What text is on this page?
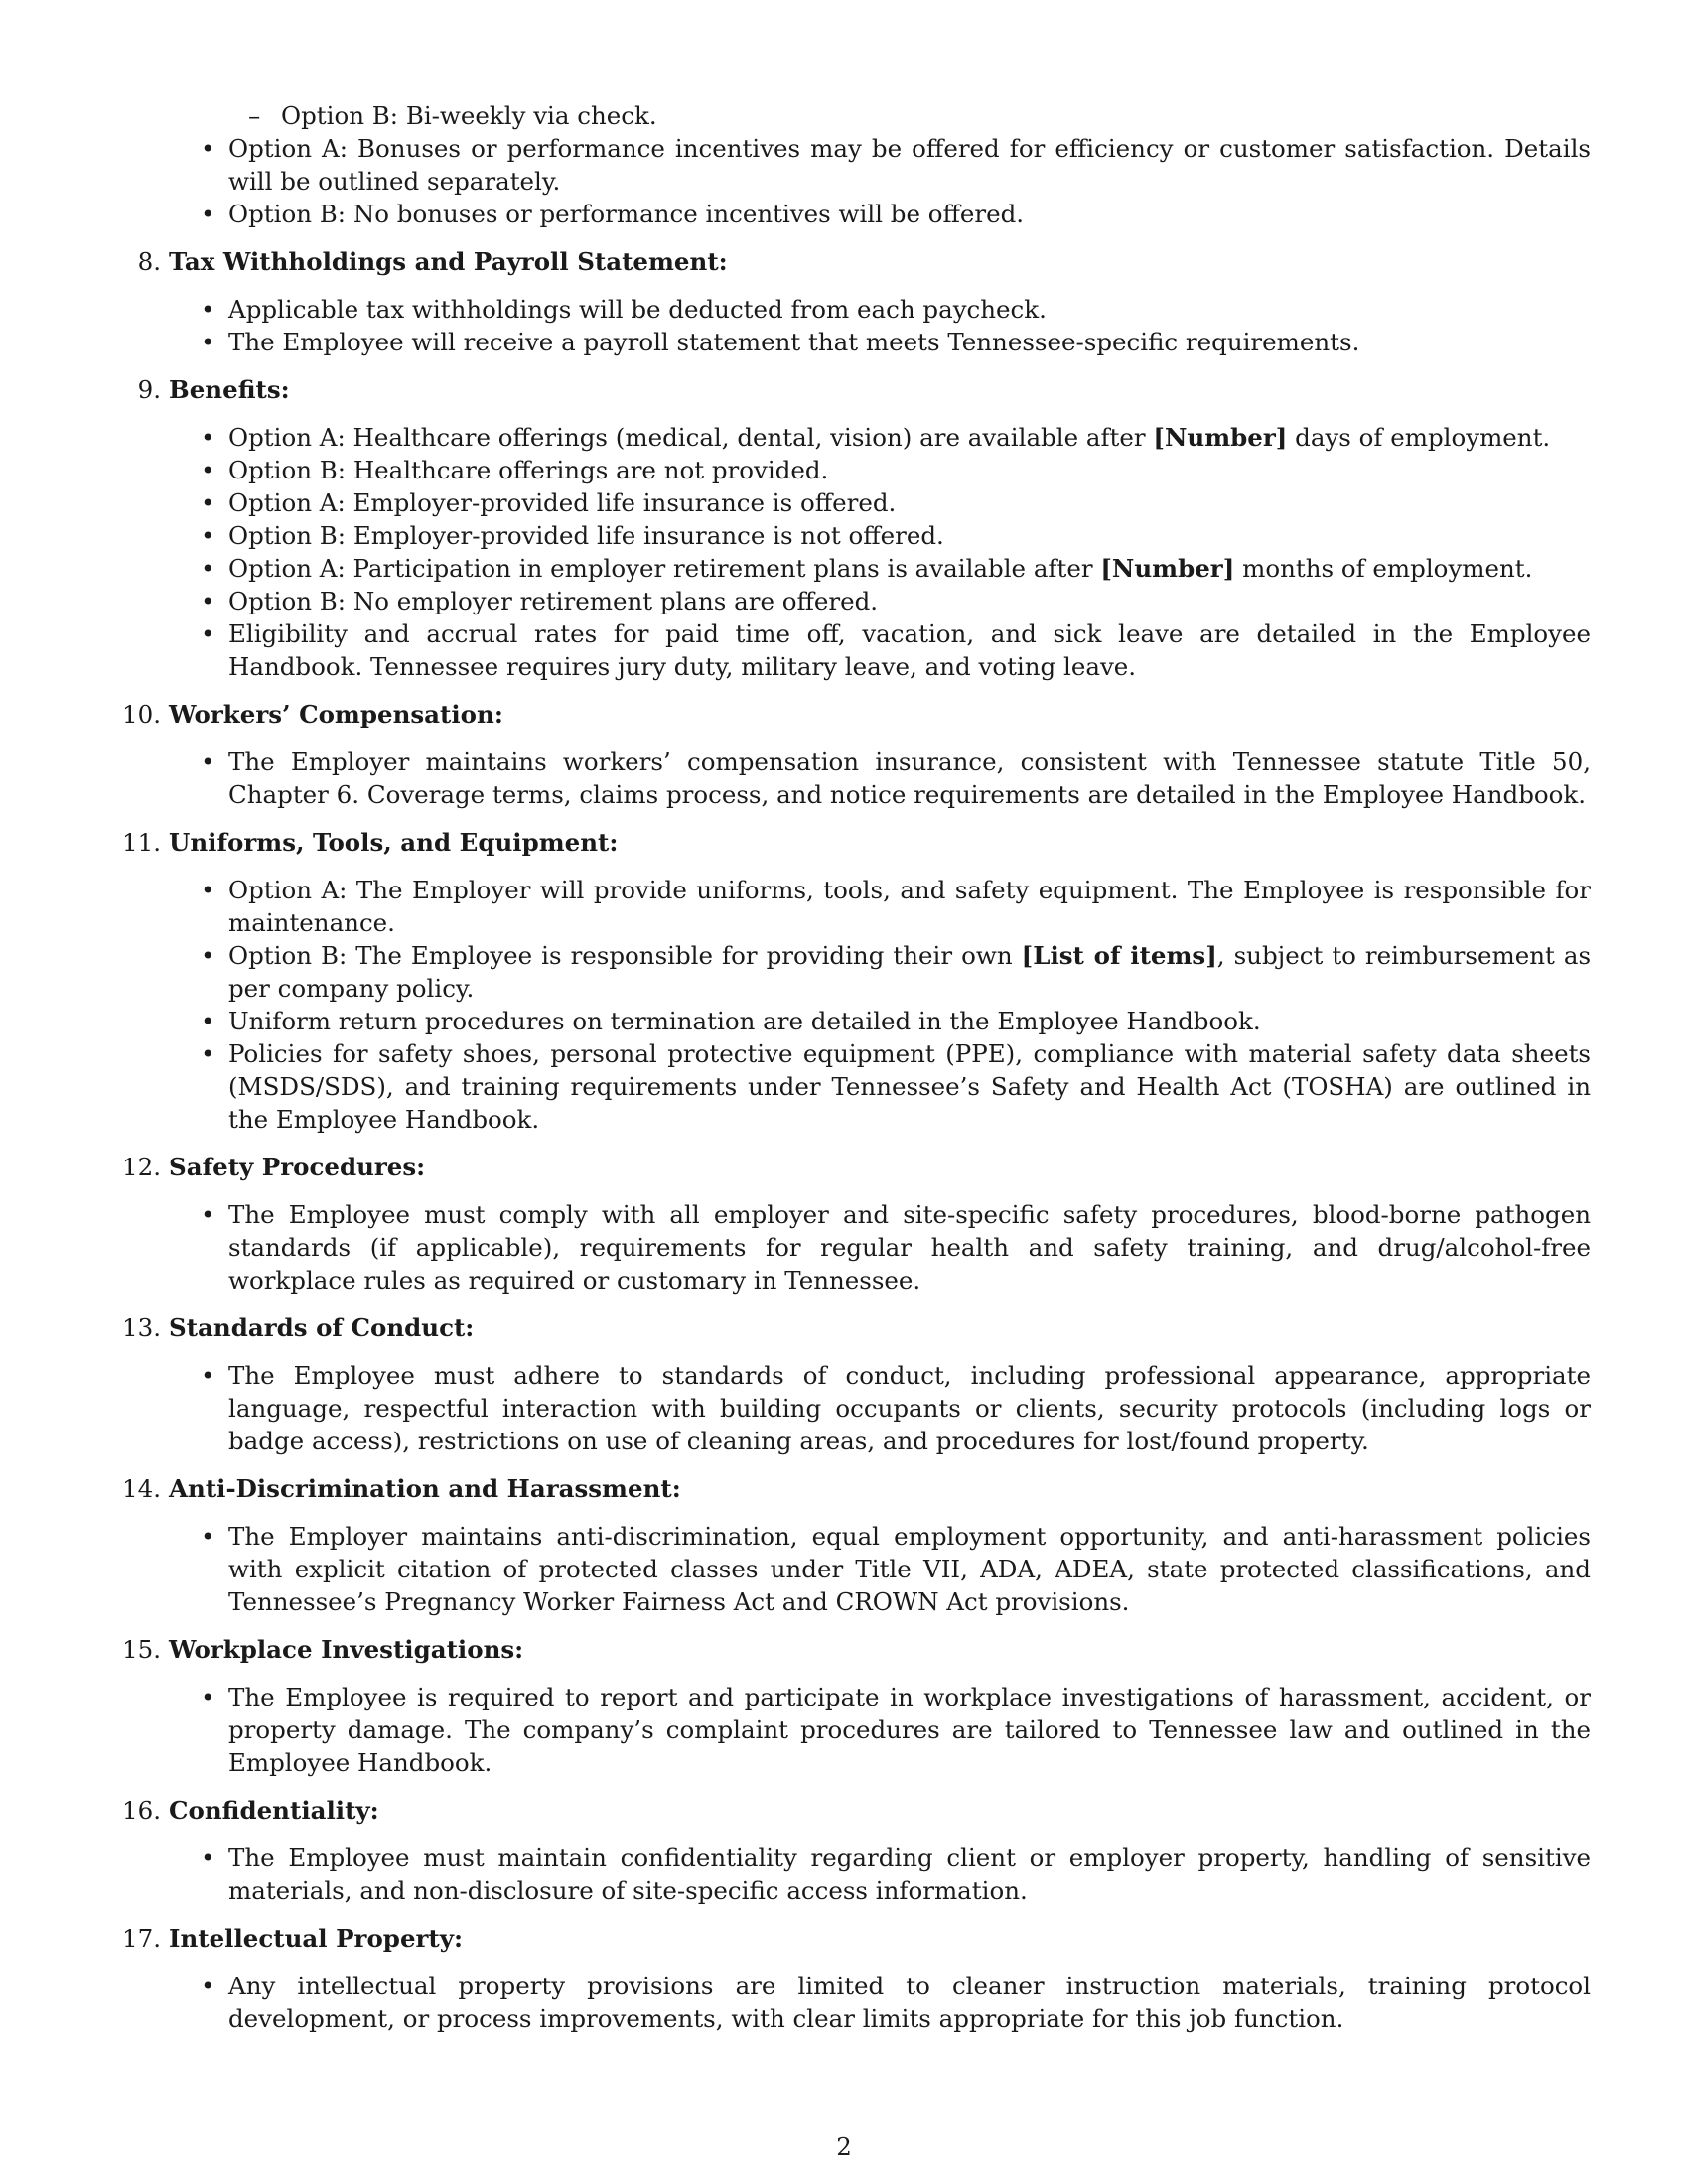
– Option B: Bi-weekly via check.
• Option A: Bonuses or performance incentives may be offered for efficiency or customer satisfaction. Details will be outlined separately.
• Option B: No bonuses or performance incentives will be offered.
8. Tax Withholdings and Payroll Statement:
• Applicable tax withholdings will be deducted from each paycheck.
• The Employee will receive a payroll statement that meets Tennessee-specific requirements.
9. Benefits:
• Option A: Healthcare offerings (medical, dental, vision) are available after [Number] days of employment.
• Option B: Healthcare offerings are not provided.
• Option A: Employer-provided life insurance is offered.
• Option B: Employer-provided life insurance is not offered.
• Option A: Participation in employer retirement plans is available after [Number] months of employment.
• Option B: No employer retirement plans are offered.
• Eligibility and accrual rates for paid time off, vacation, and sick leave are detailed in the Employee Handbook. Tennessee requires jury duty, military leave, and voting leave.
10. Workers’ Compensation:
• The Employer maintains workers’ compensation insurance, consistent with Tennessee statute Title 50, Chapter 6. Coverage terms, claims process, and notice requirements are detailed in the Employee Handbook.
11. Uniforms, Tools, and Equipment:
• Option A: The Employer will provide uniforms, tools, and safety equipment. The Employee is responsible for maintenance.
• Option B: The Employee is responsible for providing their own [List of items], subject to reimbursement as per company policy.
• Uniform return procedures on termination are detailed in the Employee Handbook.
• Policies for safety shoes, personal protective equipment (PPE), compliance with material safety data sheets (MSDS/SDS), and training requirements under Tennessee’s Safety and Health Act (TOSHA) are outlined in the Employee Handbook.
12. Safety Procedures:
• The Employee must comply with all employer and site-specific safety procedures, blood-borne pathogen standards (if applicable), requirements for regular health and safety training, and drug/alcohol-free workplace rules as required or customary in Tennessee.
13. Standards of Conduct:
• The Employee must adhere to standards of conduct, including professional appearance, appropriate language, respectful interaction with building occupants or clients, security protocols (including logs or badge access), restrictions on use of cleaning areas, and procedures for lost/found property.
14. Anti-Discrimination and Harassment:
• The Employer maintains anti-discrimination, equal employment opportunity, and anti-harassment policies with explicit citation of protected classes under Title VII, ADA, ADEA, state protected classifications, and Tennessee’s Pregnancy Worker Fairness Act and CROWN Act provisions.
15. Workplace Investigations:
• The Employee is required to report and participate in workplace investigations of harassment, accident, or property damage. The company’s complaint procedures are tailored to Tennessee law and outlined in the Employee Handbook.
16. Confidentiality:
• The Employee must maintain confidentiality regarding client or employer property, handling of sensitive materials, and non-disclosure of site-specific access information.
17. Intellectual Property:
• Any intellectual property provisions are limited to cleaner instruction materials, training protocol development, or process improvements, with clear limits appropriate for this job function.
2
